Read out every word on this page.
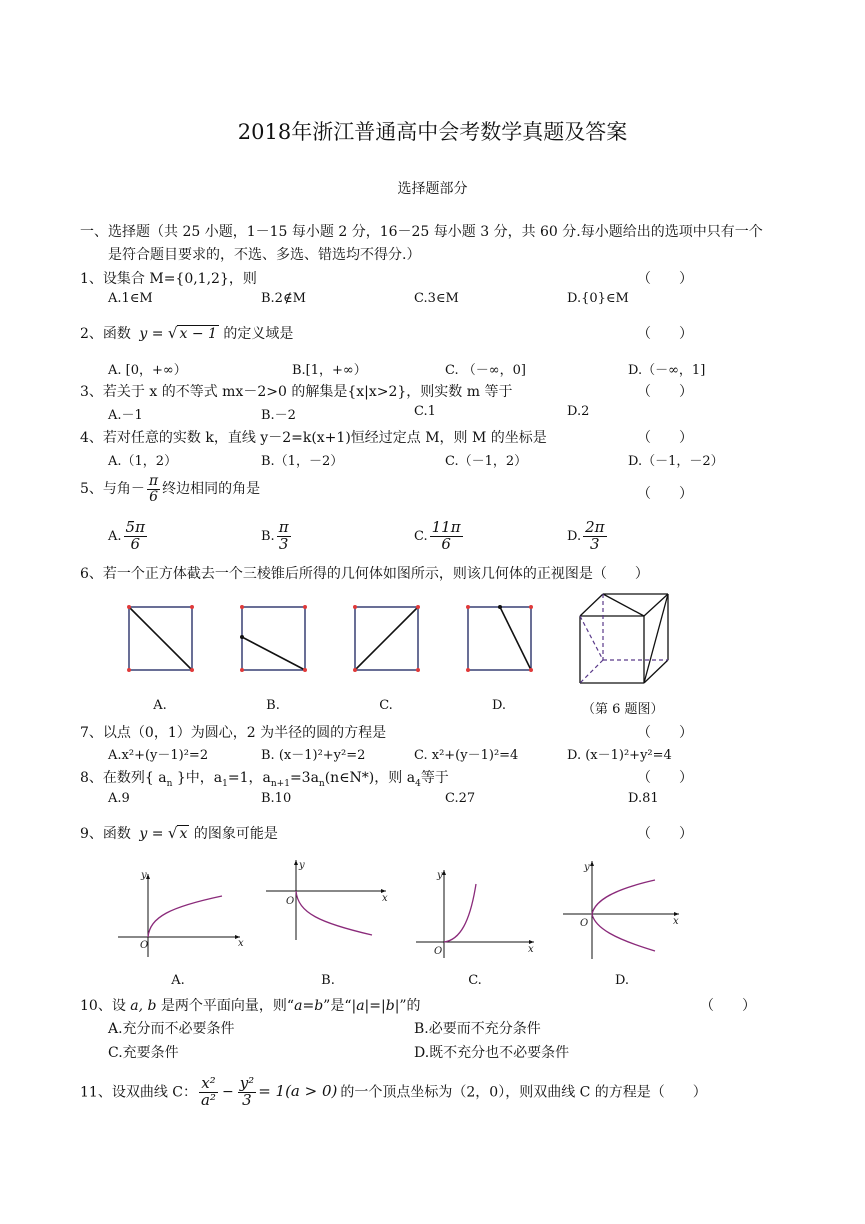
2018年浙江普通高中会考数学真题及答案
选择题部分
一、选择题（共 25 小题，1－15 每小题 2 分，16－25 每小题 3 分，共 60 分.每小题给出的选项中只有一个
是符合题目要求的，不选、多选、错选均不得分.）
1、设集合 M={0,1,2}，则	（　　）
A.1∈M	B.2∉M	C.3∈M	D.{0}∈M
2、函数 y = √ x − 1 的定义域是	（　　）
A. [0，+∞）	B.[1，+∞）	C. （－∞，0]	D.（－∞，1]
3、若关于 x 的不等式 mx－2>0 的解集是{x|x>2}，则实数 m 等于	（　　）
A.－1	B.－2	C.1	D.2
4、若对任意的实数 k，直线 y－2=k(x+1)恒经过定点 M，则 M 的坐标是	（　　）
A.（1，2）	B.（1，－2）	C.（－1，2）	D.（－1，－2）
5、与角－ $\frac{\pi}{6}$ 终边相同的角是	（　　）
A. $\frac{5\pi}{6}$	B. $\frac{\pi}{3}$	C. $\frac{11\pi}{6}$	D. $\frac{2\pi}{3}$
6、若一个正方体截去一个三棱锥后所得的几何体如图所示，则该几何体的正视图是（　　）
A.	B.	C.	D.	（第 6 题图）
7、以点（0，1）为圆心，2 为半径的圆的方程是	（　　）
A.x²+(y－1)²=2	B. (x－1)²+y²=2	C. x²+(y－1)²=4	D. (x－1)²+y²=4
8、在数列{ $a_n$ }中，$a_1=1$，$a_{n+1}=3a_n(n\in N*)$，则 $a_4$等于	（　　）
A.9	B.10	C.27	D.81
9、函数 y = √ x 的图象可能是	（　　）
O	x
y
O	x
y
O	x
y
O	x
y
A.	B.	C.	D.
10、设 a, b 是两个平面向量，则“a=b”是“|a|=|b|”的	（　　）
A.充分而不必要条件	B.必要而不充分条件
C.充要条件	D.既不充分也不必要条件
11、设双曲线 C： $\frac{\text{x²}}{\text{a²}} - \frac{\text{y²}}{3} = 1(a > 0)$ 的一个顶点坐标为（2，0），则双曲线 C 的方程是（　　）
